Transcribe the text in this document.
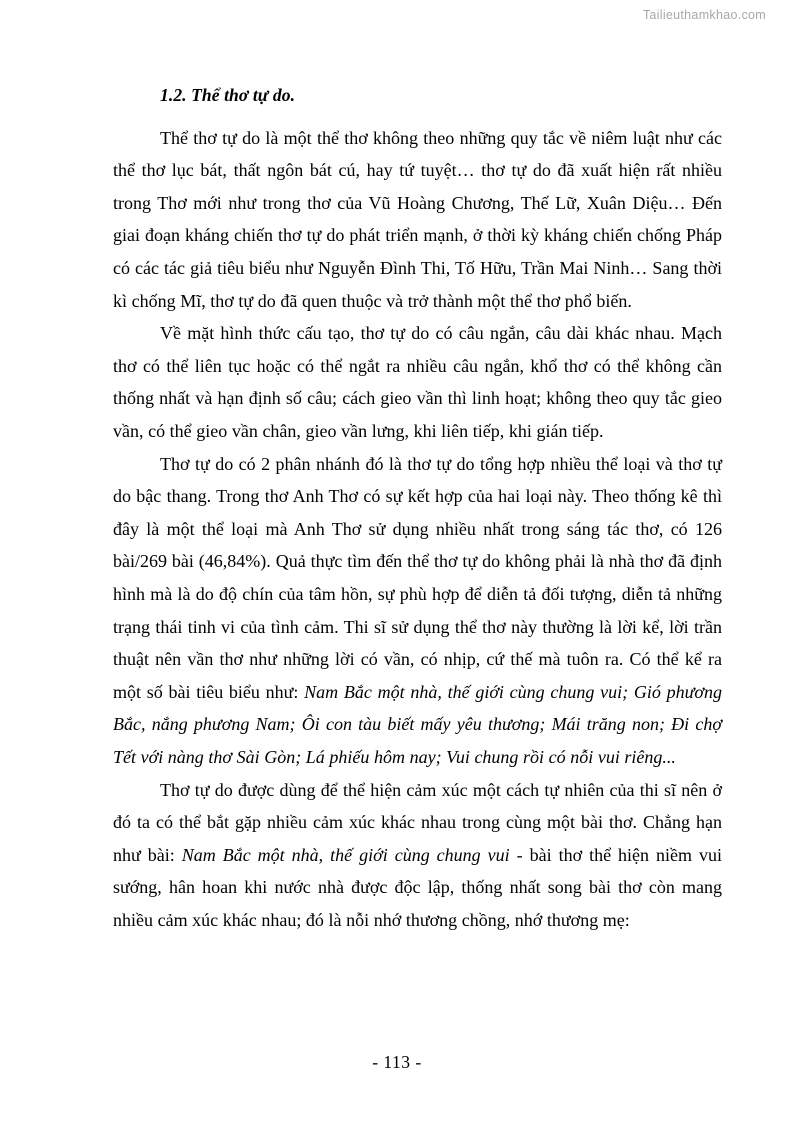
Tailieuthamkhao.com
1.2. Thể thơ tự do.

Thể thơ tự do là một thể thơ không theo những quy tắc về niêm luật như các thể thơ lục bát, thất ngôn bát cú, hay tứ tuyệt… thơ tự do đã xuất hiện rất nhiều trong Thơ mới như trong thơ của Vũ Hoàng Chương, Thế Lữ, Xuân Diệu… Đến giai đoạn kháng chiến thơ tự do phát triển mạnh, ở thời kỳ kháng chiến chống Pháp có các tác giả tiêu biểu như Nguyễn Đình Thi, Tố Hữu, Trần Mai Ninh… Sang thời kì chống Mĩ, thơ tự do đã quen thuộc và trở thành một thể thơ phổ biến.

Về mặt hình thức cấu tạo, thơ tự do có câu ngắn, câu dài khác nhau. Mạch thơ có thể liên tục hoặc có thể ngắt ra nhiều câu ngắn, khổ thơ có thể không cần thống nhất và hạn định số câu; cách gieo vần thì linh hoạt; không theo quy tắc gieo vần, có thể gieo vần chân, gieo vần lưng, khi liên tiếp, khi gián tiếp.

Thơ tự do có 2 phân nhánh đó là thơ tự do tổng hợp nhiều thể loại và thơ tự do bậc thang. Trong thơ Anh Thơ có sự kết hợp của hai loại này. Theo thống kê thì đây là một thể loại mà Anh Thơ sử dụng nhiều nhất trong sáng tác thơ, có 126 bài/269 bài (46,84%). Quả thực tìm đến thể thơ tự do không phải là nhà thơ đã định hình mà là do độ chín của tâm hồn, sự phù hợp để diễn tả đối tượng, diễn tả những trạng thái tinh vi của tình cảm. Thi sĩ sử dụng thể thơ này thường là lời kể, lời trần thuật nên vần thơ như những lời có vần, có nhịp, cứ thế mà tuôn ra. Có thể kể ra một số bài tiêu biểu như: Nam Bắc một nhà, thế giới cùng chung vui; Gió phương Bắc, nắng phương Nam; Ôi con tàu biết mấy yêu thương; Mái trăng non; Đi chợ Tết với nàng thơ Sài Gòn; Lá phiếu hôm nay; Vui chung rồi có nỗi vui riêng...

Thơ tự do được dùng để thể hiện cảm xúc một cách tự nhiên của thi sĩ nên ở đó ta có thể bắt gặp nhiều cảm xúc khác nhau trong cùng một bài thơ. Chẳng hạn như bài: Nam Bắc một nhà, thế giới cùng chung vui - bài thơ thể hiện niềm vui sướng, hân hoan khi nước nhà được độc lập, thống nhất song bài thơ còn mang nhiều cảm xúc khác nhau; đó là nỗi nhớ thương chồng, nhớ thương mẹ:

- 113 -
